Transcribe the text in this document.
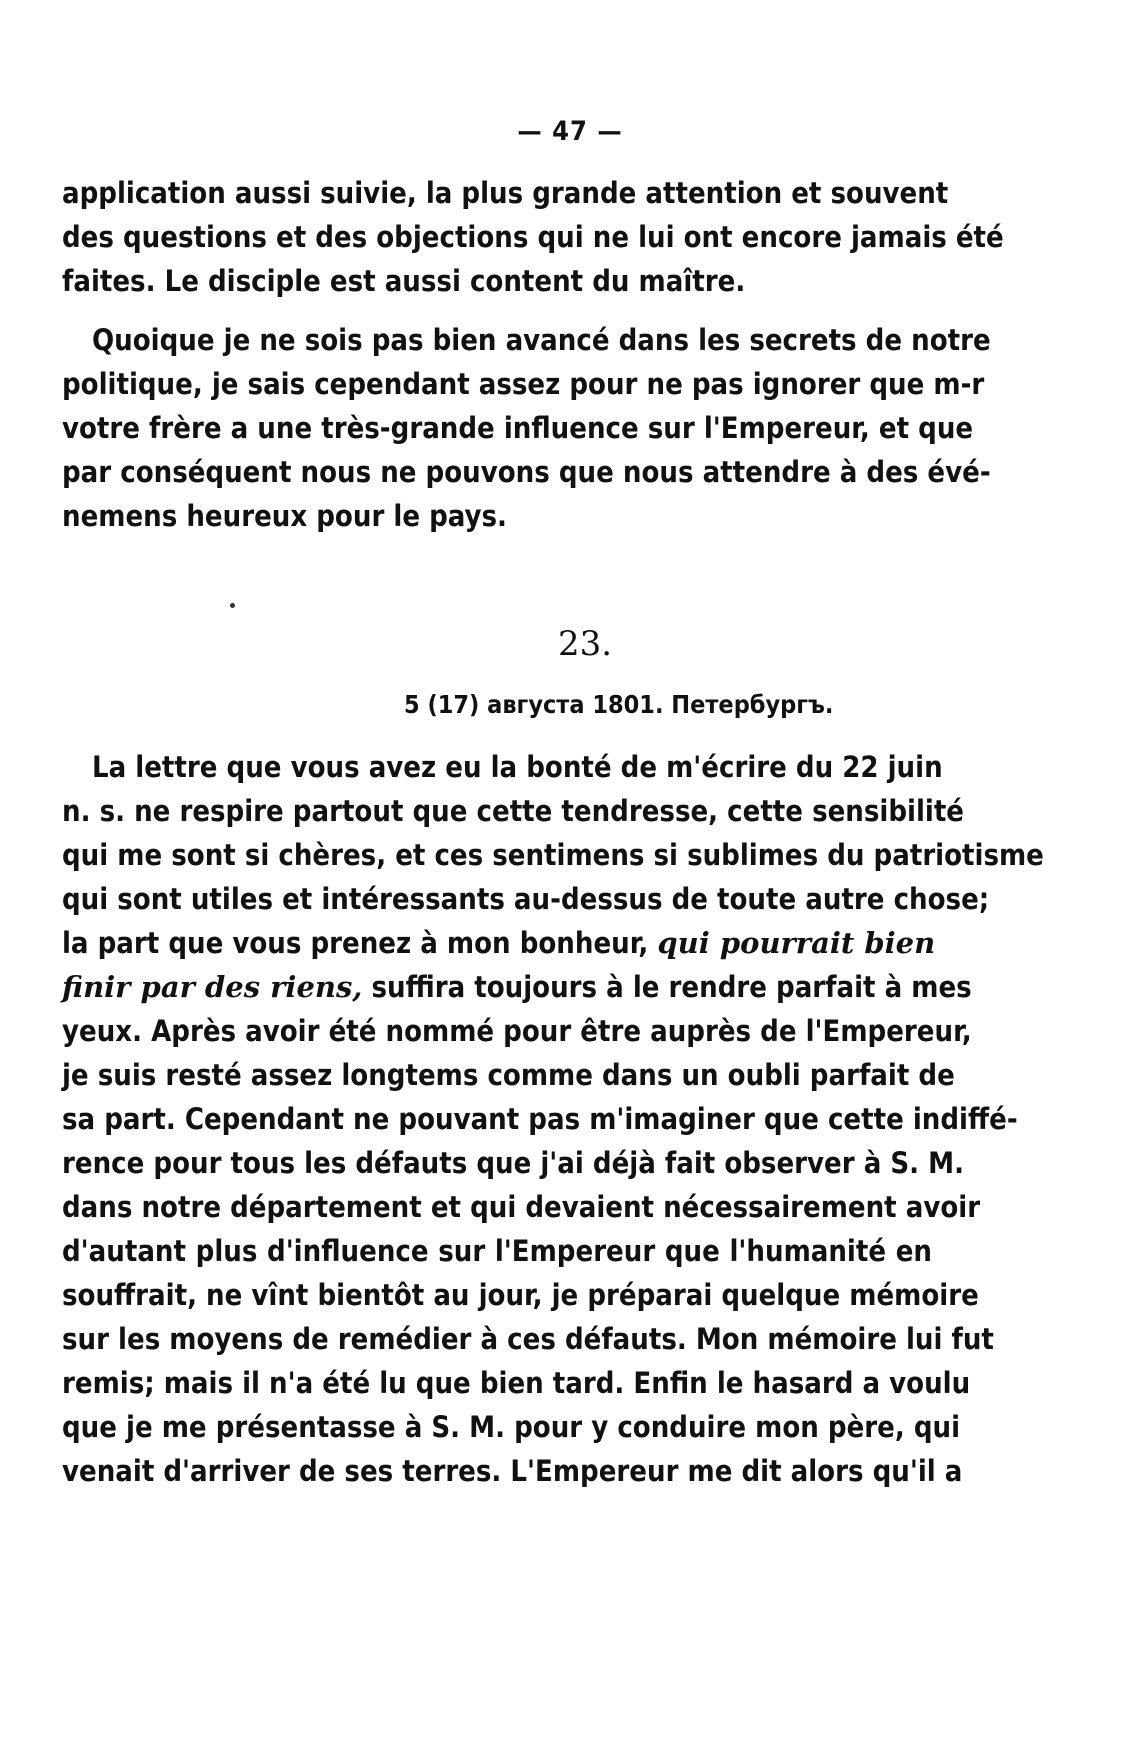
— 47 —
application aussi suivie, la plus grande attention et souvent
des questions et des objections qui ne lui ont encore jamais été
faites. Le disciple est aussi content du maître.
Quoique je ne sois pas bien avancé dans les secrets de notre
politique, je sais cependant assez pour ne pas ignorer que m-r
votre frère a une très-grande influence sur l'Empereur, et que
par conséquent nous ne pouvons que nous attendre à des évé-
nemens heureux pour le pays.
23.
5 (17) августа 1801. Петербургъ.
La lettre que vous avez eu la bonté de m'écrire du 22 juin
n. s. ne respire partout que cette tendresse, cette sensibilité
qui me sont si chères, et ces sentimens si sublimes du patriotisme
qui sont utiles et intéressants au-dessus de toute autre chose;
la part que vous prenez à mon bonheur, qui pourrait bien
finir par des riens, suffira toujours à le rendre parfait à mes
yeux. Après avoir été nommé pour être auprès de l'Empereur,
je suis resté assez longtems comme dans un oubli parfait de
sa part. Cependant ne pouvant pas m'imaginer que cette indiffé-
rence pour tous les défauts que j'ai déjà fait observer à S. M.
dans notre département et qui devaient nécessairement avoir
d'autant plus d'influence sur l'Empereur que l'humanité en
souffrait, ne vînt bientôt au jour, je préparai quelque mémoire
sur les moyens de remédier à ces défauts. Mon mémoire lui fut
remis; mais il n'a été lu que bien tard. Enfin le hasard a voulu
que je me présentasse à S. M. pour y conduire mon père, qui
venait d'arriver de ses terres. L'Empereur me dit alors qu'il a
